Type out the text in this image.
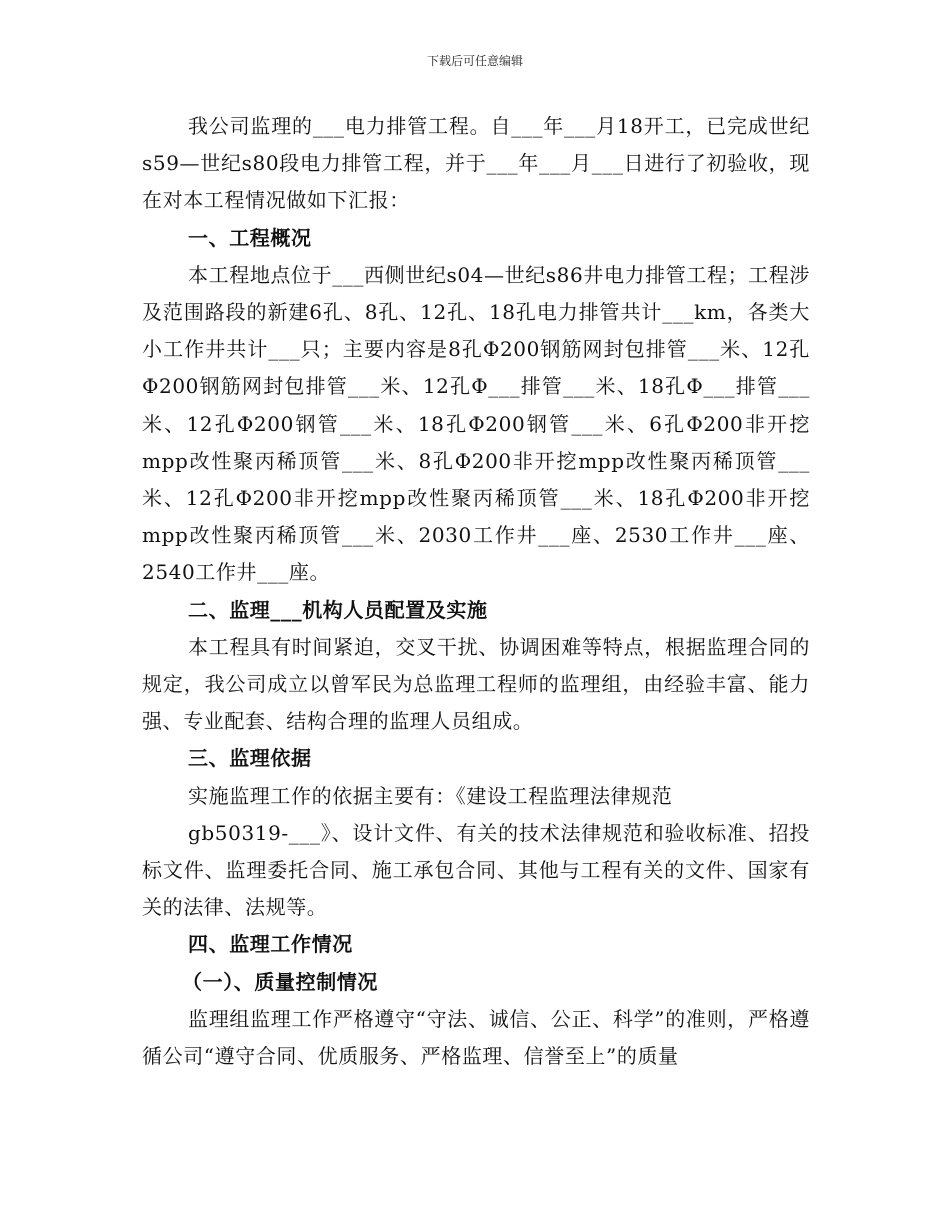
下载后可任意编辑

我公司监理的___电力排管工程。自___年___月18开工，已完成世纪s59—世纪s80段电力排管工程，并于___年___月___日进行了初验收，现在对本工程情况做如下汇报：

一、工程概况

本工程地点位于___西侧世纪s04—世纪s86井电力排管工程；工程涉及范围路段的新建6孔、8孔、12孔、18孔电力排管共计___km，各类大小工作井共计___只；主要内容是8孔Φ200钢筋网封包排管___米、12孔Φ200钢筋网封包排管___米、12孔Φ___排管___米、18孔Φ___排管___米、12孔Φ200钢管___米、18孔Φ200钢管___米、6孔Φ200非开挖mpp改性聚丙稀顶管___米、8孔Φ200非开挖mpp改性聚丙稀顶管___米、12孔Φ200非开挖mpp改性聚丙稀顶管___米、18孔Φ200非开挖mpp改性聚丙稀顶管___米、2030工作井___座、2530工作井___座、2540工作井___座。

二、监理___机构人员配置及实施

本工程具有时间紧迫，交叉干扰、协调困难等特点，根据监理合同的规定，我公司成立以曾军民为总监理工程师的监理组，由经验丰富、能力强、专业配套、结构合理的监理人员组成。

三、监理依据

实施监理工作的依据主要有：《建设工程监理法律规范

gb50319-___》、设计文件、有关的技术法律规范和验收标准、招投标文件、监理委托合同、施工承包合同、其他与工程有关的文件、国家有关的法律、法规等。

四、监理工作情况

（一）、质量控制情况

监理组监理工作严格遵守“守法、诚信、公正、科学”的准则，严格遵循公司“遵守合同、优质服务、严格监理、信誉至上”的质量
